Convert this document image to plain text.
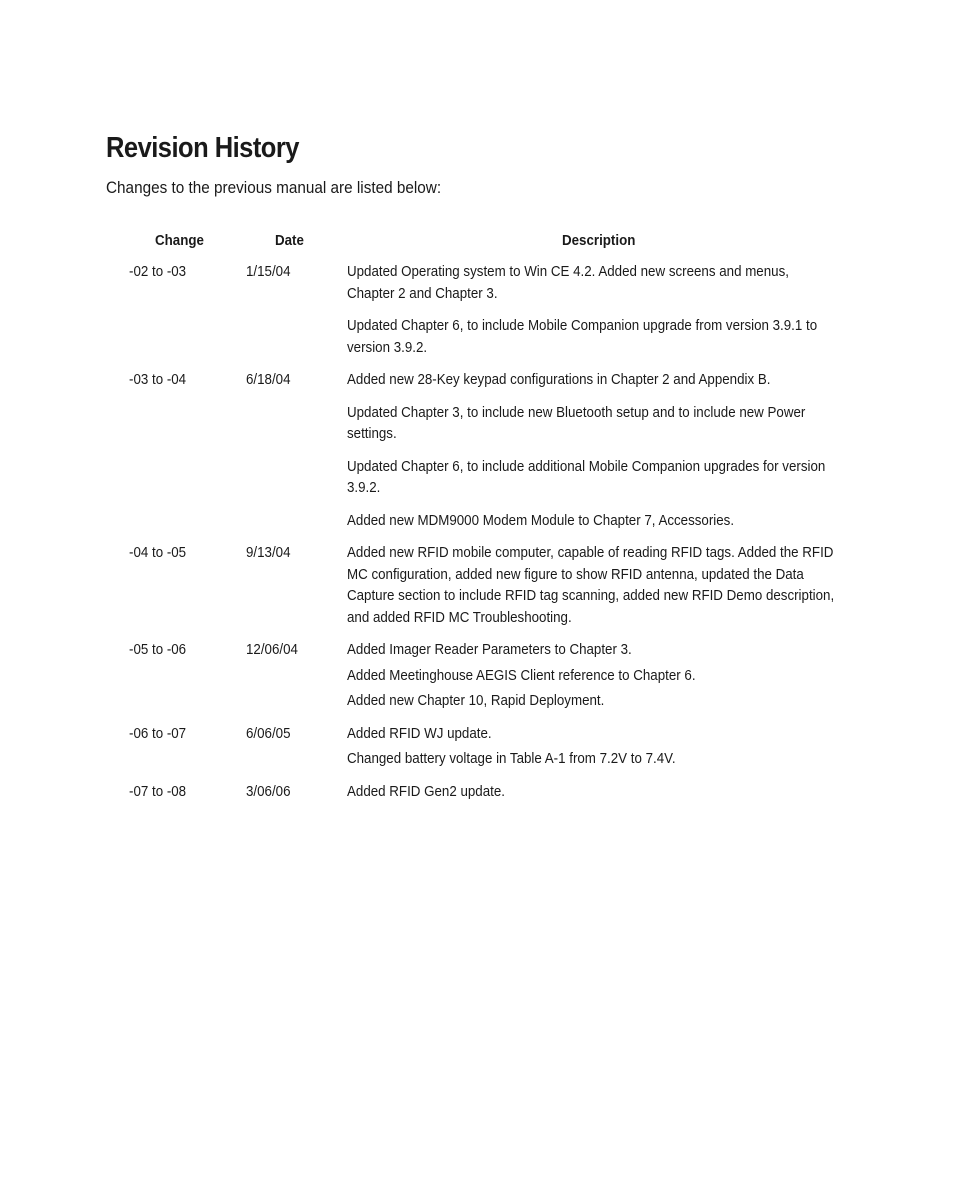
Revision History

Changes to the previous manual are listed below:

Change	Date	Description
-02 to -03	1/15/04	Updated Operating system to Win CE 4.2. Added new screens and menus, Chapter 2 and Chapter 3.

Updated Chapter 6, to include Mobile Companion upgrade from version 3.9.1 to version 3.9.2.

-03 to -04	6/18/04	Added new 28-Key keypad configurations in Chapter 2 and Appendix B.

Updated Chapter 3, to include new Bluetooth setup and to include new Power settings.

Updated Chapter 6, to include additional Mobile Companion upgrades for version 3.9.2.

Added new MDM9000 Modem Module to Chapter 7, Accessories.

-04 to -05	9/13/04	Added new RFID mobile computer, capable of reading RFID tags. Added the RFID MC configuration, added new figure to show RFID antenna, updated the Data Capture section to include RFID tag scanning, added new RFID Demo description, and added RFID MC Troubleshooting.

-05 to -06	12/06/04	Added Imager Reader Parameters to Chapter 3.

Added Meetinghouse AEGIS Client reference to Chapter 6.

Added new Chapter 10, Rapid Deployment.

-06 to -07	6/06/05	Added RFID WJ update.

Changed battery voltage in Table A-1 from 7.2V to 7.4V.

-07 to -08	3/06/06	Added RFID Gen2 update.
